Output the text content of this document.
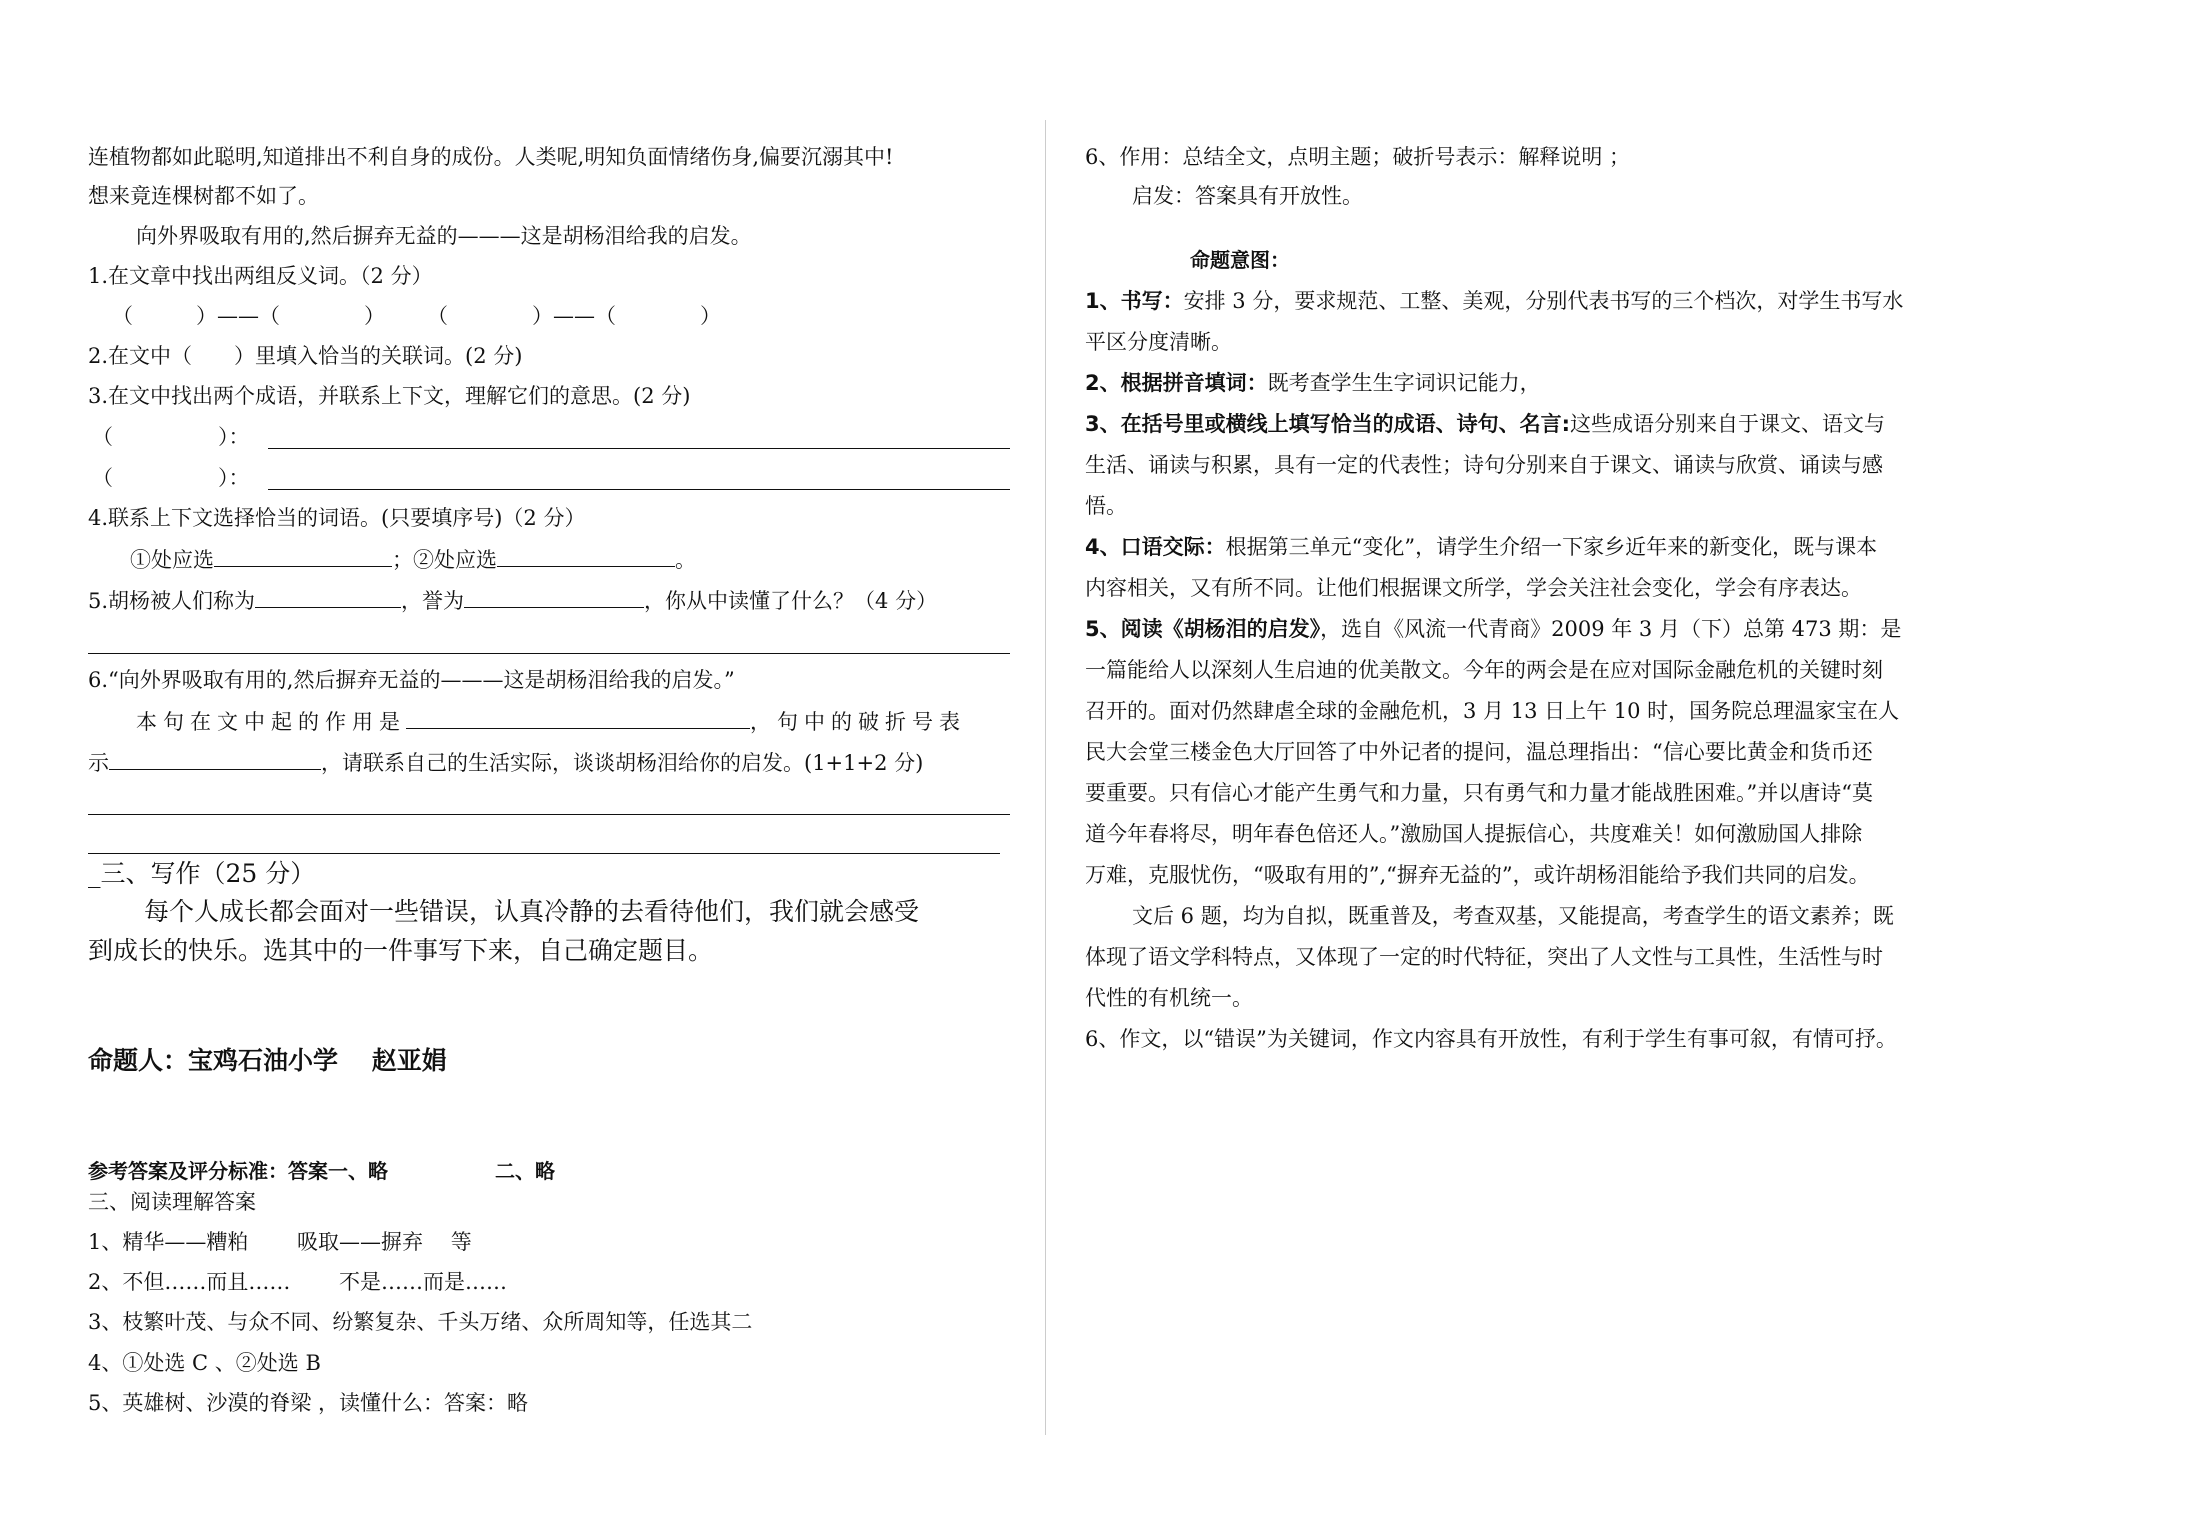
连植物都如此聪明,知道排出不利自身的成份。人类呢,明知负面情绪伤身,偏要沉溺其中!
想来竟连棵树都不如了。
向外界吸取有用的,然后摒弃无益的———这是胡杨泪给我的启发。
1.在文章中找出两组反义词。（2 分）
（　　　）——（　　　　）　　　（　　　　）——（　　　　）
2.在文中（　　）里填入恰当的关联词。(2 分)
3.在文中找出两个成语，并联系上下文，理解它们的意思。(2 分)
（　　　　　）：
（　　　　　）：
4.联系上下文选择恰当的词语。(只要填序号)（2 分）
①处应选	；②处应选	。
5.胡杨被人们称为	，誉为	，你从中读懂了什么？（4 分）
6.“向外界吸取有用的,然后摒弃无益的———这是胡杨泪给我的启发。”
本句在文中起的作用是	，句中的破折号表
示	，请联系自己的生活实际，谈谈胡杨泪给你的启发。(1+1+2 分)
_三、写作（25 分）
每个人成长都会面对一些错误，认真冷静的去看待他们，我们就会感受
到成长的快乐。选其中的一件事写下来，自己确定题目。
命题人：宝鸡石油小学　 赵亚娟
参考答案及评分标准：答案一、略　　　　　 二、略
三、阅读理解答案
1、精华——糟粕　　 吸取——摒弃　 等
2、不但……而且……　　 不是……而是……
3、枝繁叶茂、与众不同、纷繁复杂、千头万绪、众所周知等，任选其二
4、①处选 C 、②处选 B
5、英雄树、沙漠的脊梁 ，读懂什么：答案：略
6、作用：总结全文，点明主题；破折号表示：解释说明 ；
启发：答案具有开放性。
命题意图：
1、书写：安排 3 分，要求规范、工整、美观，分别代表书写的三个档次，对学生书写水
平区分度清晰。
2、根据拼音填词：既考查学生生字词识记能力，
3、在括号里或横线上填写恰当的成语、诗句、名言:这些成语分别来自于课文、语文与
生活、诵读与积累，具有一定的代表性；诗句分别来自于课文、诵读与欣赏、诵读与感
悟。
4、口语交际：根据第三单元“变化”，请学生介绍一下家乡近年来的新变化，既与课本
内容相关，又有所不同。让他们根据课文所学，学会关注社会变化，学会有序表达。
5、阅读《胡杨泪的启发》，选自《风流一代青商》2009 年 3 月（下）总第 473 期：是
一篇能给人以深刻人生启迪的优美散文。今年的两会是在应对国际金融危机的关键时刻
召开的。面对仍然肆虐全球的金融危机，3 月 13 日上午 10 时，国务院总理温家宝在人
民大会堂三楼金色大厅回答了中外记者的提问，温总理指出：“信心要比黄金和货币还
要重要。只有信心才能产生勇气和力量，只有勇气和力量才能战胜困难。”并以唐诗“莫
道今年春将尽，明年春色倍还人。”激励国人提振信心，共度难关！如何激励国人排除
万难，克服忧伤，“吸取有用的”,“摒弃无益的”，或许胡杨泪能给予我们共同的启发。
文后 6 题，均为自拟，既重普及，考查双基，又能提高，考查学生的语文素养；既
体现了语文学科特点，又体现了一定的时代特征，突出了人文性与工具性，生活性与时
代性的有机统一。
6、作文，以“错误”为关键词，作文内容具有开放性，有利于学生有事可叙，有情可抒。
